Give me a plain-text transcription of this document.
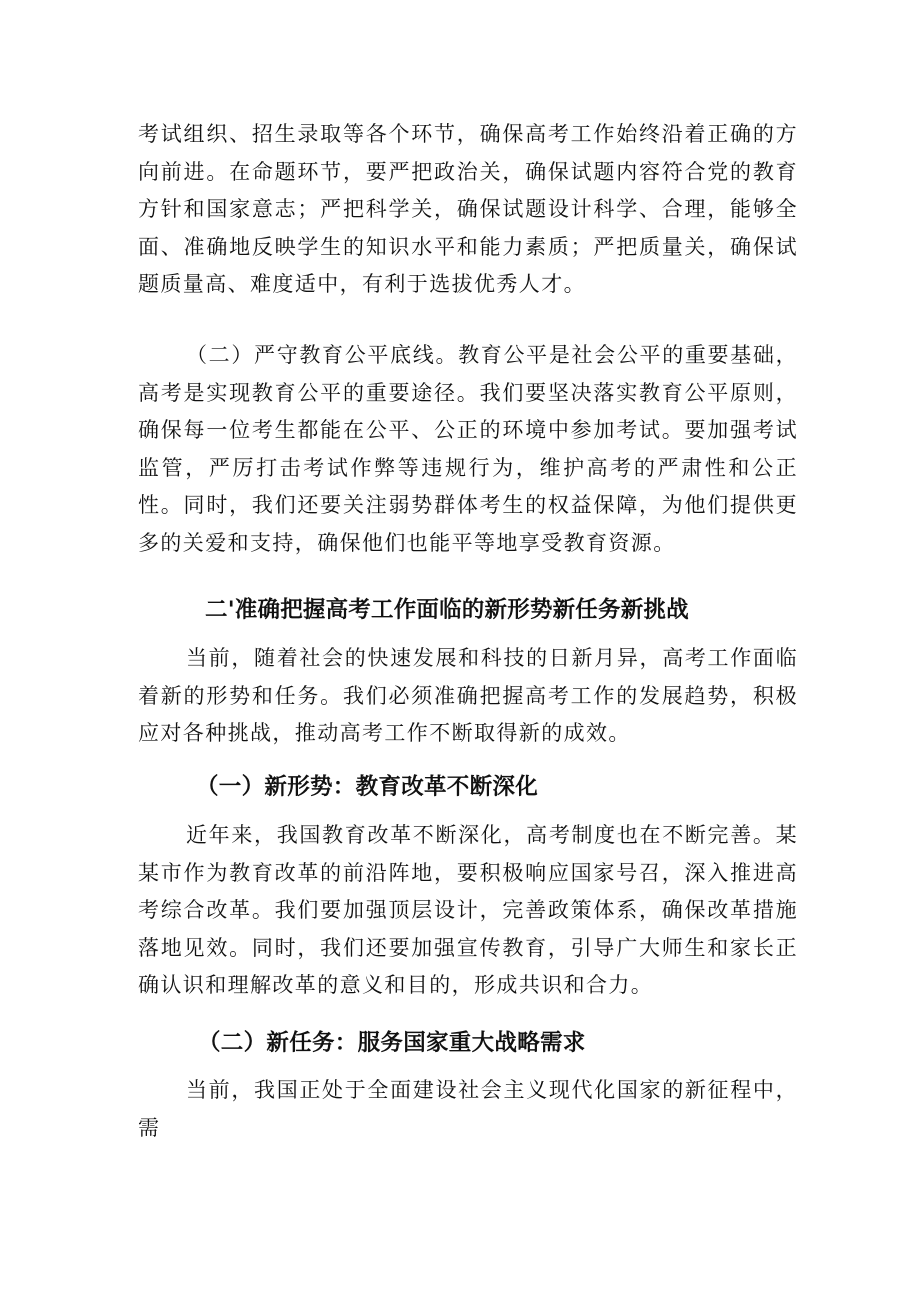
考试组织、招生录取等各个环节，确保高考工作始终沿着正确的方向前进。在命题环节，要严把政治关，确保试题内容符合党的教育方针和国家意志；严把科学关，确保试题设计科学、合理，能够全面、准确地反映学生的知识水平和能力素质；严把质量关，确保试题质量高、难度适中，有利于选拔优秀人才。

（二）严守教育公平底线。教育公平是社会公平的重要基础，高考是实现教育公平的重要途径。我们要坚决落实教育公平原则，确保每一位考生都能在公平、公正的环境中参加考试。要加强考试监管，严厉打击考试作弊等违规行为，维护高考的严肃性和公正性。同时，我们还要关注弱势群体考生的权益保障，为他们提供更多的关爱和支持，确保他们也能平等地享受教育资源。

二'准确把握高考工作面临的新形势新任务新挑战

当前，随着社会的快速发展和科技的日新月异，高考工作面临着新的形势和任务。我们必须准确把握高考工作的发展趋势，积极应对各种挑战，推动高考工作不断取得新的成效。

（一）新形势：教育改革不断深化

近年来，我国教育改革不断深化，高考制度也在不断完善。某某市作为教育改革的前沿阵地，要积极响应国家号召，深入推进高考综合改革。我们要加强顶层设计，完善政策体系，确保改革措施落地见效。同时，我们还要加强宣传教育，引导广大师生和家长正确认识和理解改革的意义和目的，形成共识和合力。

（二）新任务：服务国家重大战略需求

当前，我国正处于全面建设社会主义现代化国家的新征程中，需
